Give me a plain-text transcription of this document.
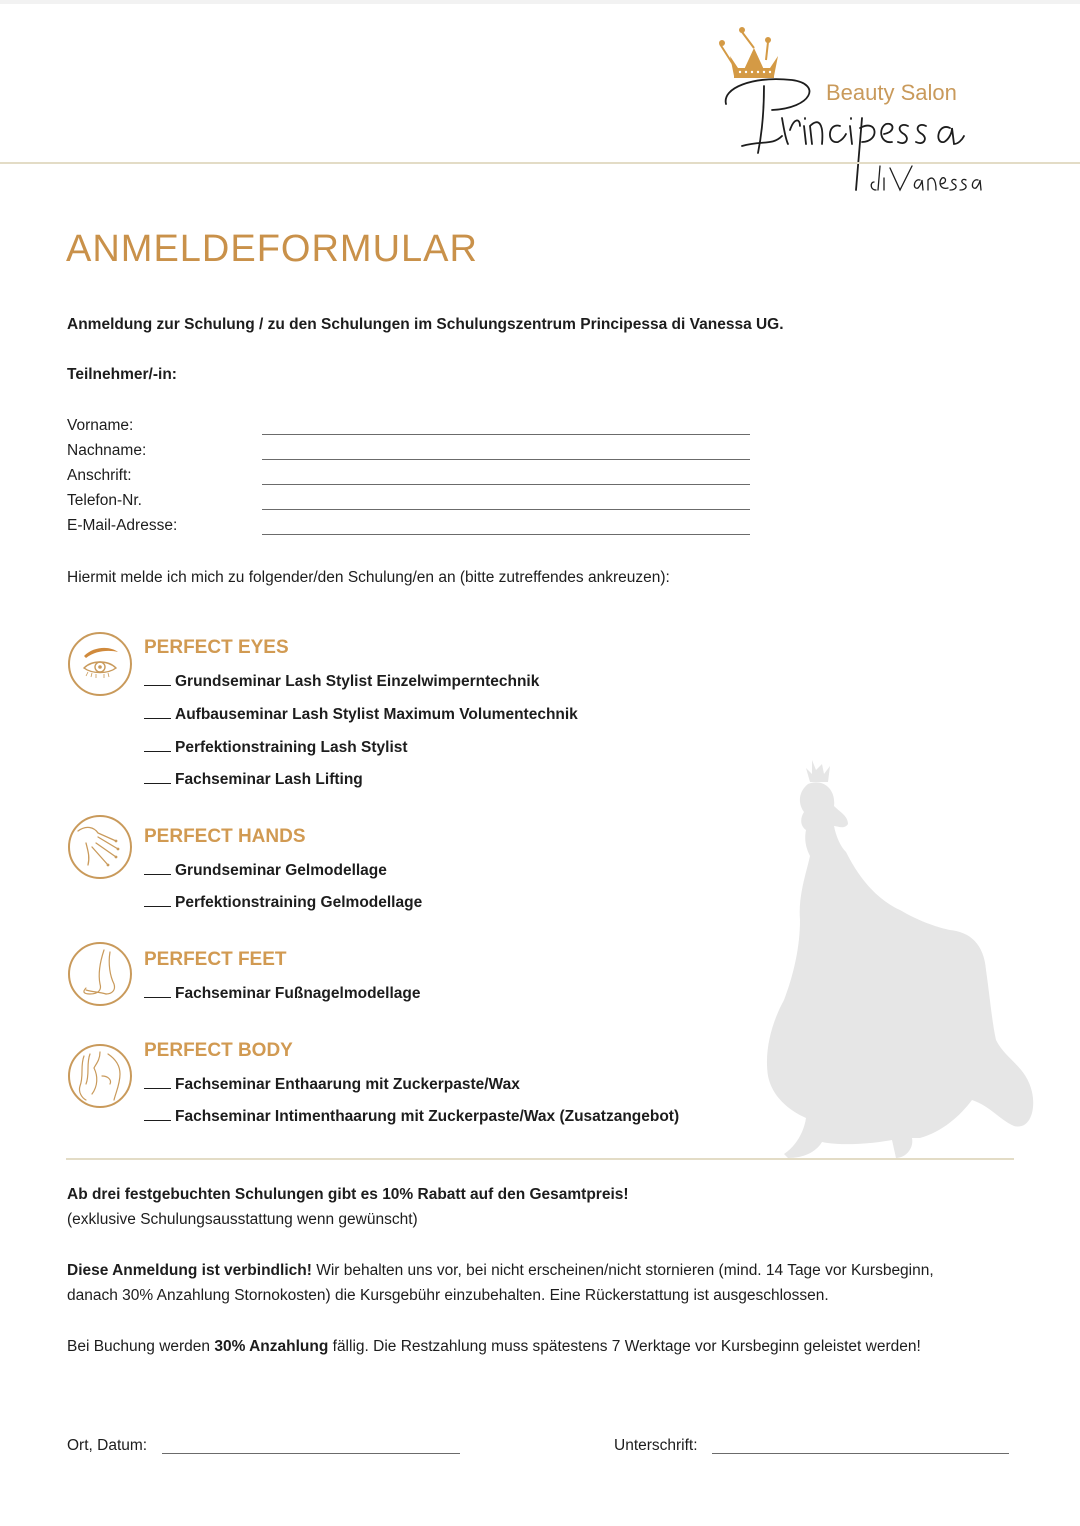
Beauty Salon
ANMELDEFORMULAR
Anmeldung zur Schulung / zu den Schulungen im Schulungszentrum Principessa di Vanessa UG.
Teilnehmer/-in:
Vorname:
Nachname:
Anschrift:
Telefon-Nr.
E-Mail-Adresse:
Hiermit melde ich mich zu folgender/den Schulung/en an (bitte zutreffendes ankreuzen):
PERFECT EYES
Grundseminar Lash Stylist Einzelwimperntechnik
Aufbauseminar Lash Stylist Maximum Volumentechnik
Perfektionstraining Lash Stylist
Fachseminar Lash Lifting
PERFECT HANDS
Grundseminar Gelmodellage
Perfektionstraining Gelmodellage
PERFECT FEET
Fachseminar Fußnagelmodellage
PERFECT BODY
Fachseminar Enthaarung mit Zuckerpaste/Wax
Fachseminar Intimenthaarung mit Zuckerpaste/Wax (Zusatzangebot)
Ab drei festgebuchten Schulungen gibt es 10% Rabatt auf den Gesamtpreis!
(exklusive Schulungsausstattung wenn gewünscht)
Diese Anmeldung ist verbindlich! Wir behalten uns vor, bei nicht erscheinen/nicht stornieren (mind. 14 Tage vor Kursbeginn,
danach 30% Anzahlung Stornokosten) die Kursgebühr einzubehalten. Eine Rückerstattung ist ausgeschlossen.
Bei Buchung werden 30% Anzahlung fällig. Die Restzahlung muss spätestens 7 Werktage vor Kursbeginn geleistet werden!
Ort, Datum:	Unterschrift:
